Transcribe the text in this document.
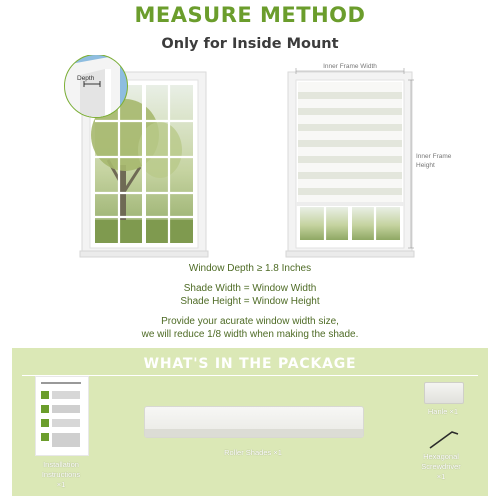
MEASURE METHOD
Only for Inside Mount
Depth
Inner Frame Width
Inner Frame
Height
Window Depth ≥ 1.8 Inches
Shade Width = Window Width
Shade Height = Window Height
Provide your acurate window width size,
we will reduce 1/8 width when making the shade.
WHAT'S IN THE PACKAGE
Installation
Instructions
×1
Roller Shades ×1
Hanle ×1
Hexagonal
Screwdriver
×1
